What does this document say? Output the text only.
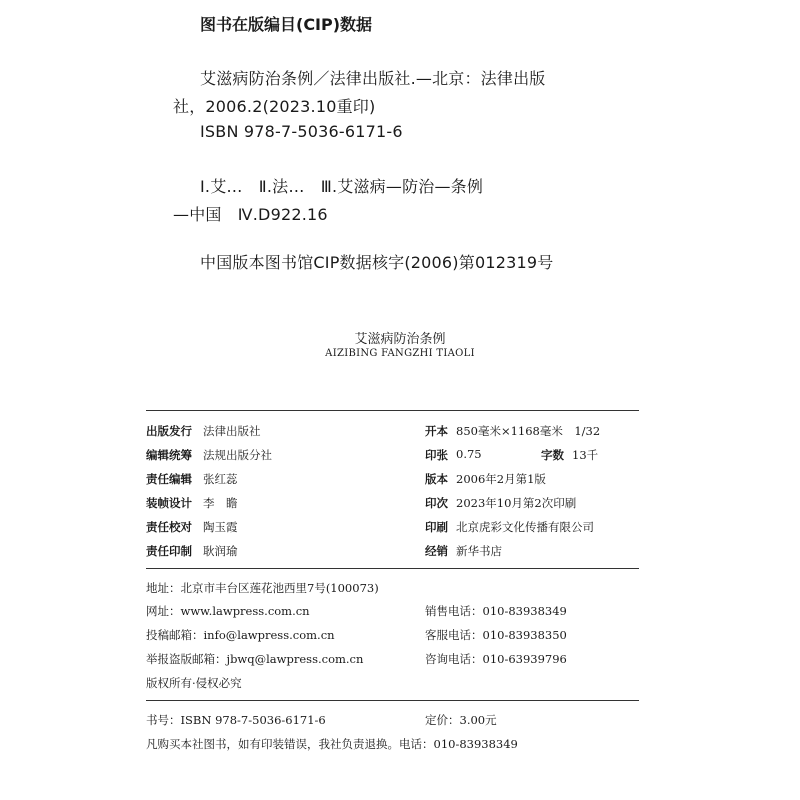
图书在版编目(CIP)数据
艾滋病防治条例／法律出版社.—北京：法律出版
社，2006.2(2023.10重印)
ISBN 978-7-5036-6171-6
Ⅰ.艾…　Ⅱ.法…　Ⅲ.艾滋病—防治—条例
—中国　Ⅳ.D922.16
中国版本图书馆CIP数据核字(2006)第012319号
艾滋病防治条例
AIZIBING FANGZHI TIAOLI
出版发行 法律出版社
编辑统筹 法规出版分社
责任编辑 张红蕊
装帧设计 李　瞻
责任校对 陶玉霞
责任印制 耿润瑜
开本 850毫米×1168毫米　1/32
印张 0.75	字数 13千
版本 2006年2月第1版
印次 2023年10月第2次印刷
印刷 北京虎彩文化传播有限公司
经销 新华书店
地址：北京市丰台区莲花池西里7号(100073)
网址：www.lawpress.com.cn
投稿邮箱：info@lawpress.com.cn
举报盗版邮箱：jbwq@lawpress.com.cn
版权所有·侵权必究
销售电话：010-83938349
客服电话：010-83938350
咨询电话：010-63939796
书号：ISBN 978-7-5036-6171-6	定价：3.00元
凡购买本社图书，如有印装错误，我社负责退换。电话：010-83938349
